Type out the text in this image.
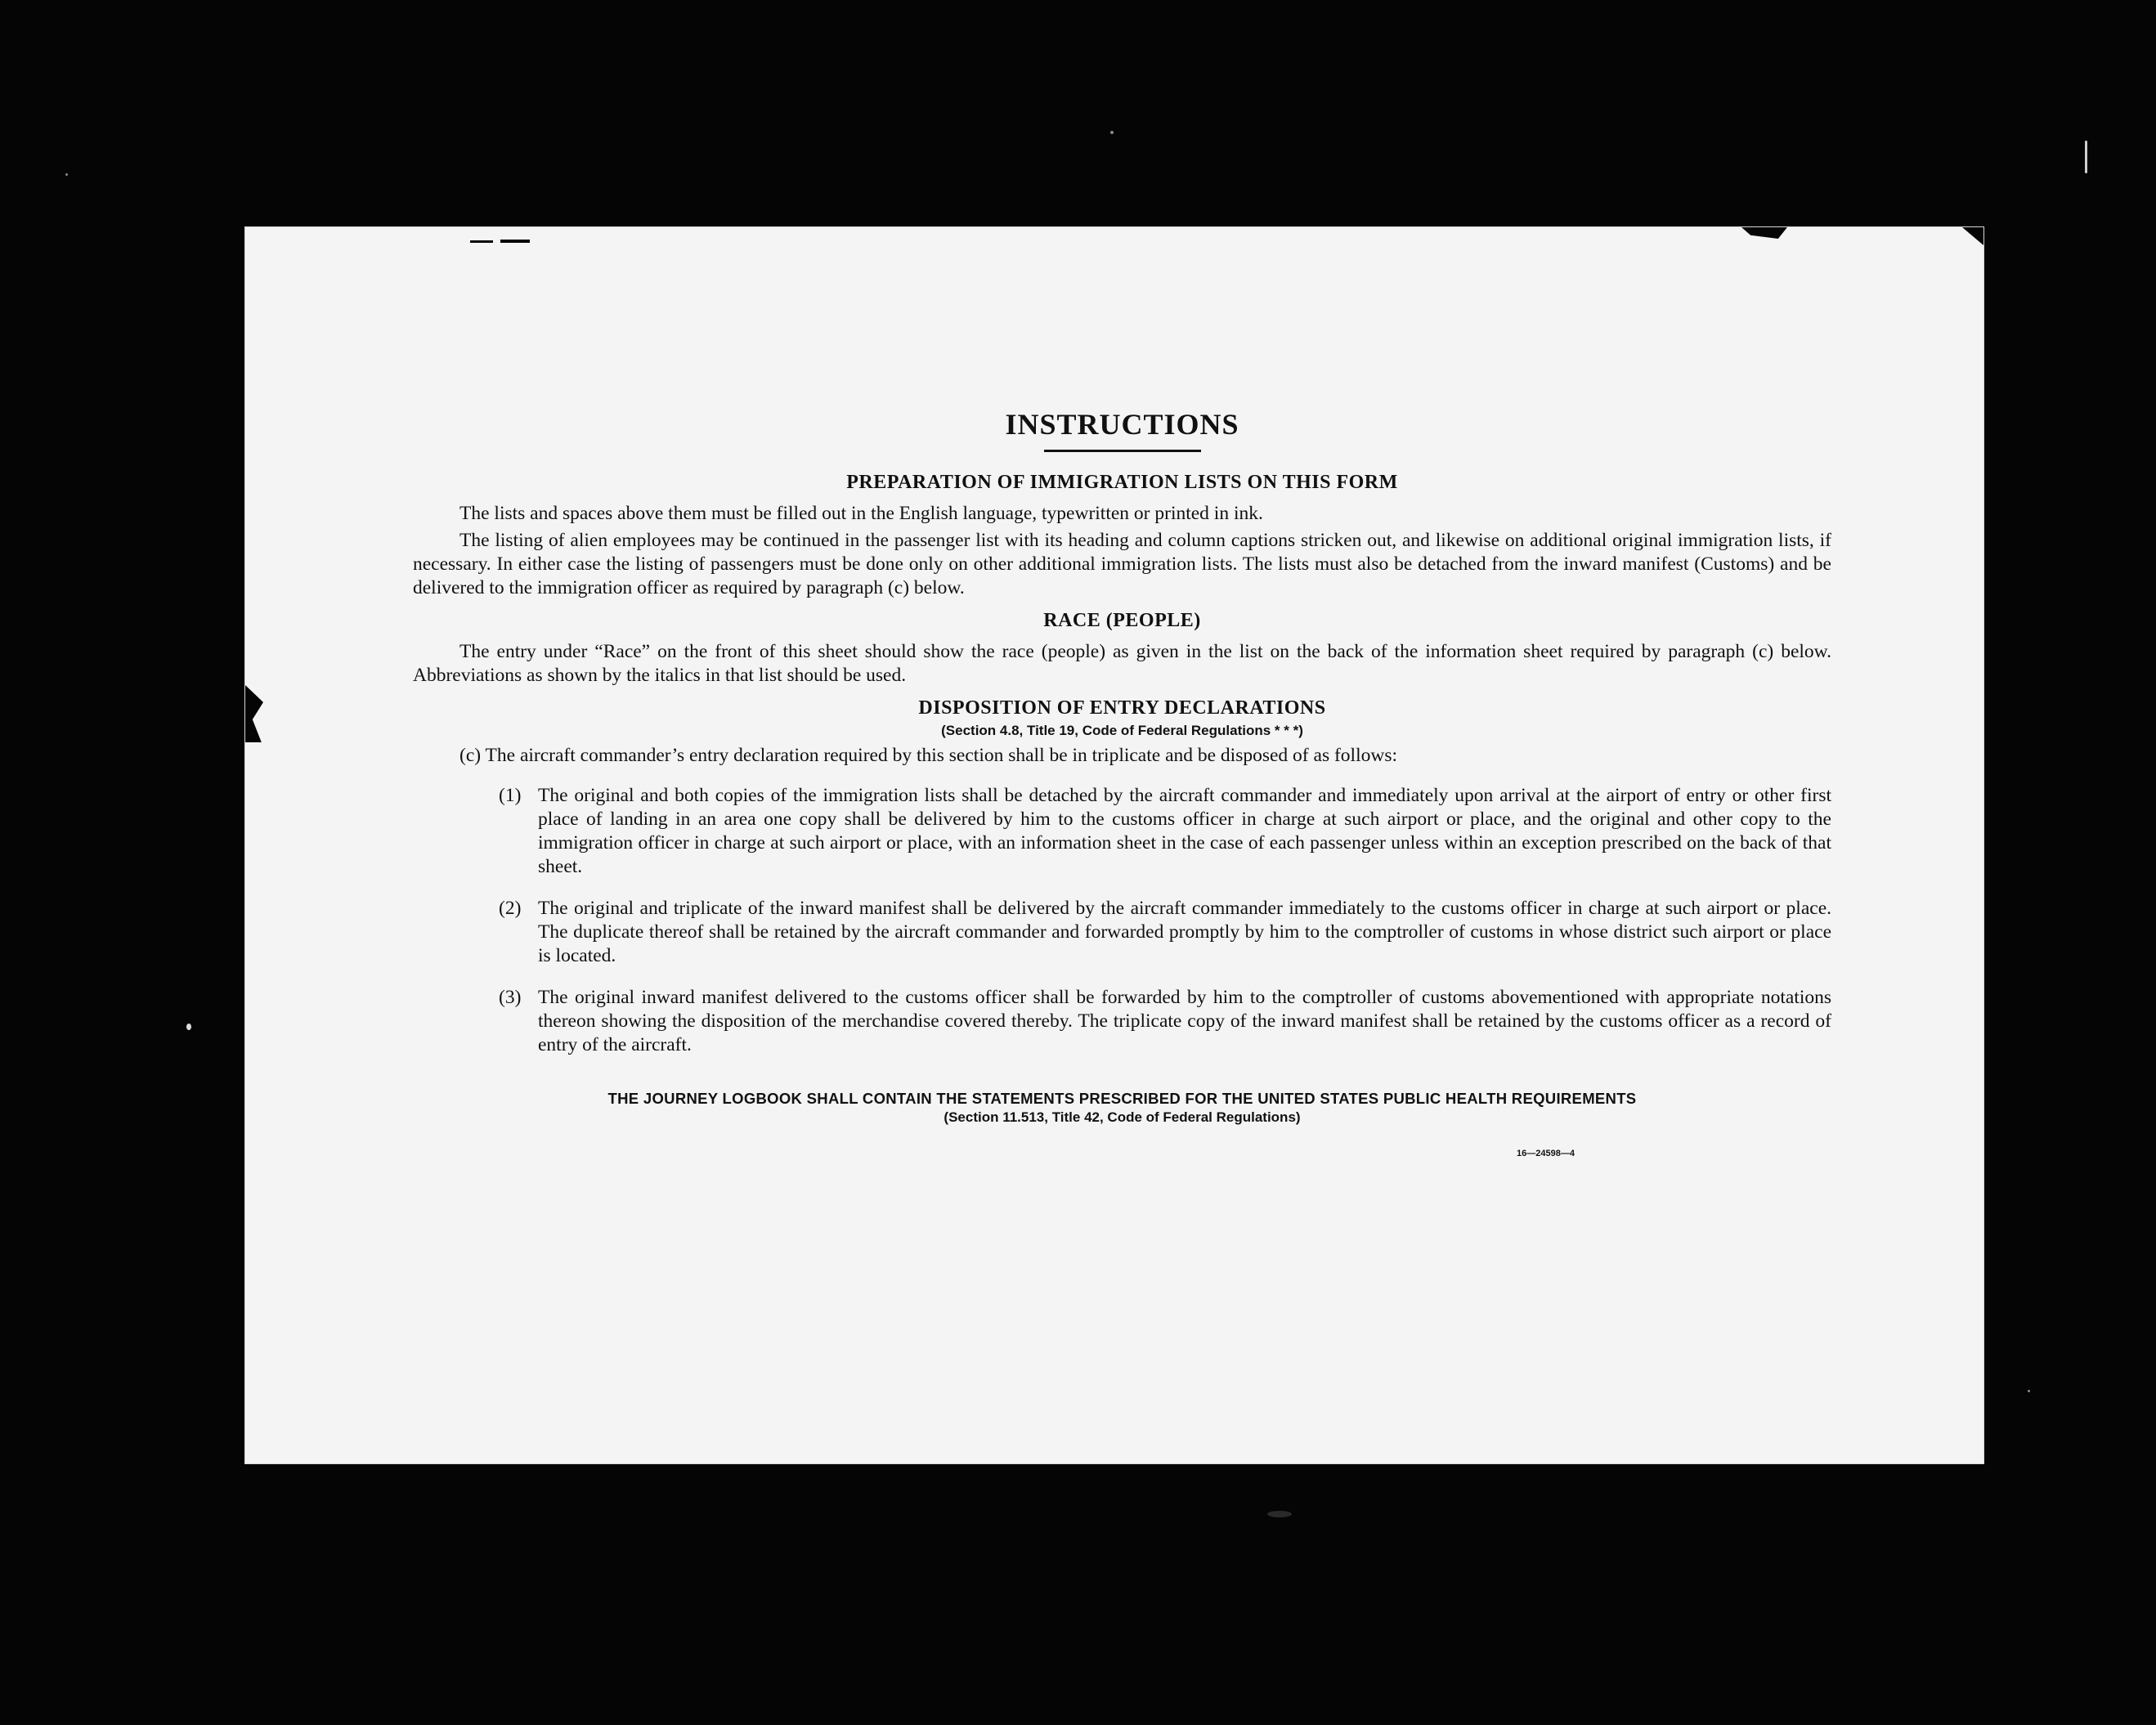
INSTRUCTIONS
PREPARATION OF IMMIGRATION LISTS ON THIS FORM

The lists and spaces above them must be filled out in the English language, typewritten or printed in ink.

The listing of alien employees may be continued in the passenger list with its heading and column captions stricken out, and likewise on additional original immigration lists, if necessary. In either case the listing of passengers must be done only on other additional immigration lists. The lists must also be detached from the inward manifest (Customs) and be delivered to the immigration officer as required by paragraph (c) below.

RACE (PEOPLE)

The entry under “Race” on the front of this sheet should show the race (people) as given in the list on the back of the information sheet required by paragraph (c) below. Abbreviations as shown by the italics in that list should be used.

DISPOSITION OF ENTRY DECLARATIONS
(Section 4.8, Title 19, Code of Federal Regulations * * *)

(c) The aircraft commander’s entry declaration required by this section shall be in triplicate and be disposed of as follows:

(1) The original and both copies of the immigration lists shall be detached by the aircraft commander and immediately upon arrival at the airport of entry or other first place of landing in an area one copy shall be delivered by him to the customs officer in charge at such airport or place, and the original and other copy to the immigration officer in charge at such airport or place, with an information sheet in the case of each passenger unless within an exception prescribed on the back of that sheet.
(2) The original and triplicate of the inward manifest shall be delivered by the aircraft commander immediately to the customs officer in charge at such airport or place. The duplicate thereof shall be retained by the aircraft commander and forwarded promptly by him to the comptroller of customs in whose district such airport or place is located.
(3) The original inward manifest delivered to the customs officer shall be forwarded by him to the comptroller of customs abovementioned with appropriate notations thereon showing the disposition of the merchandise covered thereby. The triplicate copy of the inward manifest shall be retained by the customs officer as a record of entry of the aircraft.
THE JOURNEY LOGBOOK SHALL CONTAIN THE STATEMENTS PRESCRIBED FOR THE UNITED STATES PUBLIC HEALTH REQUIREMENTS
(Section 11.513, Title 42, Code of Federal Regulations)
16—24598—4
